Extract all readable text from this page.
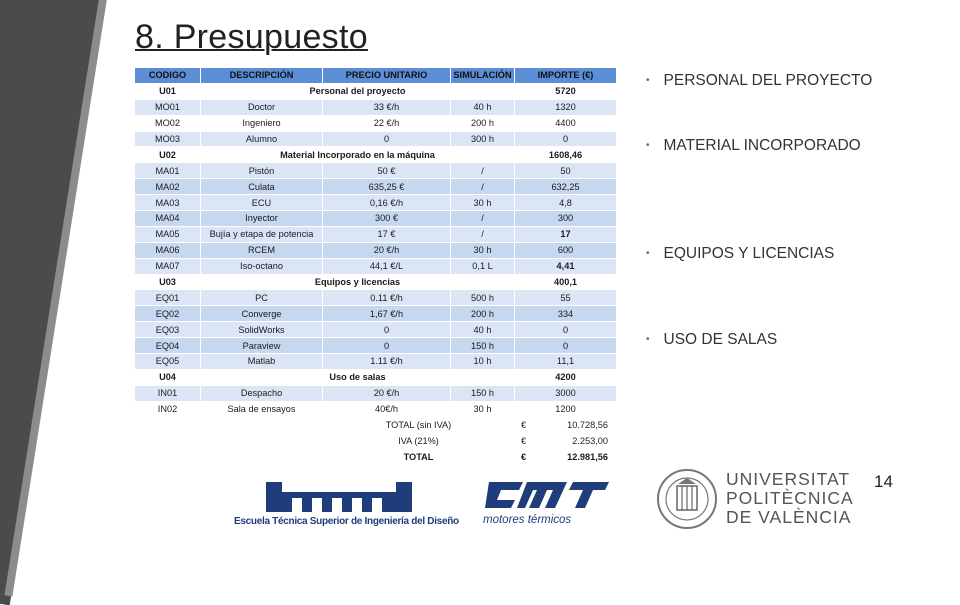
8. Presupuesto
CODIGO	DESCRIPCIÓN	PRECIO UNITARIO	SIMULACIÓN	IMPORTE (€)
U01	Personal del proyecto			5720
MO01	Doctor	33 €/h	40 h	1320
MO02	Ingeniero	22 €/h	200 h	4400
MO03	Alumno	0	300 h	0
U02	Material Incorporado en la máquina			1608,46
MA01	Pistón	50 €	/	50
MA02	Culata	635,25 €	/	632,25
MA03	ECU	0,16 €/h	30 h	4,8
MA04	Inyector	300 €	/	300
MA05	Bujía y etapa de potencia	17 €	/	17
MA06	RCEM	20 €/h	30 h	600
MA07	Iso-octano	44,1 €/L	0,1 L	4,41
U03	Equipos y licencias			400,1
EQ01	PC	0.11 €/h	500 h	55
EQ02	Converge	1,67 €/h	200 h	334
EQ03	SolidWorks	0	40 h	0
EQ04	Paraview	0	150 h	0
EQ05	Matlab	1.11 €/h	10 h	11,1
U04	Uso de salas			4200
IN01	Despacho	20 €/h	150 h	3000
IN02	Sala de ensayos	40€/h	30 h	1200
		TOTAL (sin IVA)		€ 10.728,56

		IVA (21%)		€ 2.253,00

		TOTAL		€ 12.981,56
• PERSONAL DEL PROYECTO
• MATERIAL INCORPORADO
• EQUIPOS Y LICENCIAS
• USO DE SALAS
14
Escuela Técnica Superior de Ingeniería del Diseño motores térmicos
UNIVERSITAT
POLITÈCNICA
DE VALÈNCIA
